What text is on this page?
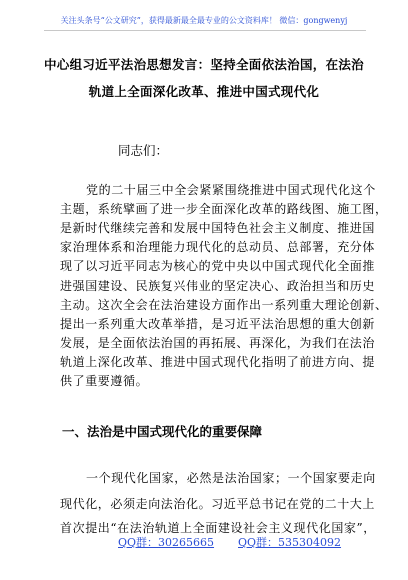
关注头条号“公文研究”，获得最新最全最专业的公文资料库！ 微信：gongwenyj
中心组习近平法治思想发言：坚持全面依法治国，在法治
轨道上全面深化改革、推进中国式现代化
同志们：
党的二十届三中全会紧紧围绕推进中国式现代化这个
主题，系统擘画了进一步全面深化改革的路线图、施工图，
是新时代继续完善和发展中国特色社会主义制度、推进国
家治理体系和治理能力现代化的总动员、总部署，充分体
现了以习近平同志为核心的党中央以中国式现代化全面推
进强国建设、民族复兴伟业的坚定决心、政治担当和历史
主动。这次全会在法治建设方面作出一系列重大理论创新、
提出一系列重大改革举措，是习近平法治思想的重大创新
发展，是全面依法治国的再拓展、再深化，为我们在法治
轨道上深化改革、推进中国式现代化指明了前进方向、提
供了重要遵循。
一、法治是中国式现代化的重要保障
一个现代化国家，必然是法治国家；一个国家要走向
现代化，必须走向法治化。习近平总书记在党的二十大上
首次提出“在法治轨道上全面建设社会主义现代化国家”，
QQ群：30265665 QQ群：535304092
